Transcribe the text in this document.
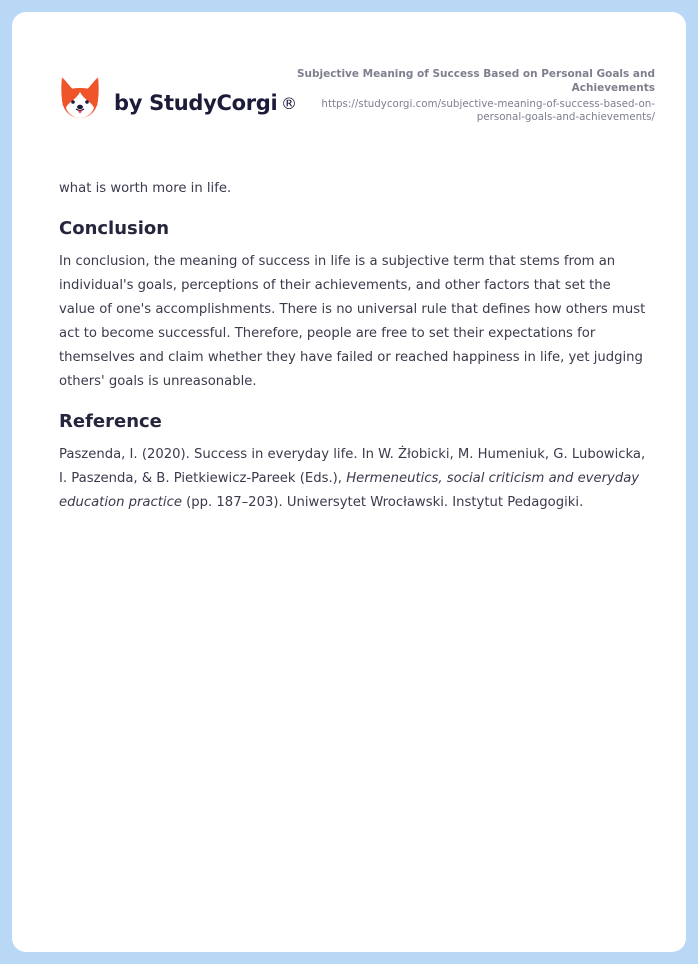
by StudyCorgi ®
Subjective Meaning of Success Based on Personal Goals and Achievements
https://studycorgi.com/subjective-meaning-of-success-based-on-personal-goals-and-achievements/

what is worth more in life.

Conclusion

In conclusion, the meaning of success in life is a subjective term that stems from an individual's goals, perceptions of their achievements, and other factors that set the value of one's accomplishments. There is no universal rule that defines how others must act to become successful. Therefore, people are free to set their expectations for themselves and claim whether they have failed or reached happiness in life, yet judging others' goals is unreasonable.

Reference

Paszenda, I. (2020). Success in everyday life. In W. Żłobicki, M. Humeniuk, G. Lubowicka, I. Paszenda, & B. Pietkiewicz-Pareek (Eds.), Hermeneutics, social criticism and everyday education practice (pp. 187–203). Uniwersytet Wrocławski. Instytut Pedagogiki.
